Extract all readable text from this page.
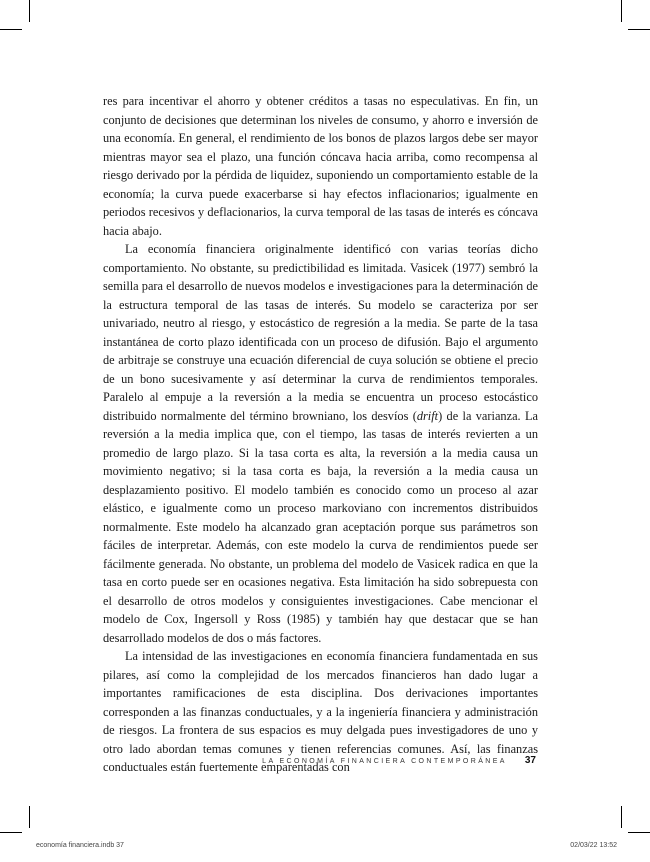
res para incentivar el ahorro y obtener créditos a tasas no especulativas. En fin, un conjunto de decisiones que determinan los niveles de consumo, y ahorro e inversión de una economía. En general, el rendimiento de los bonos de plazos largos debe ser mayor mientras mayor sea el plazo, una función cóncava hacia arriba, como recompensa al riesgo derivado por la pérdida de liquidez, suponiendo un comportamiento estable de la economía; la curva puede exacerbarse si hay efectos inflacionarios; igualmente en periodos recesivos y deflacionarios, la curva temporal de las tasas de interés es cóncava hacia abajo.

La economía financiera originalmente identificó con varias teorías dicho comportamiento. No obstante, su predictibilidad es limitada. Vasicek (1977) sembró la semilla para el desarrollo de nuevos modelos e investigaciones para la determinación de la estructura temporal de las tasas de interés. Su modelo se caracteriza por ser univariado, neutro al riesgo, y estocástico de regresión a la media. Se parte de la tasa instantánea de corto plazo identificada con un proceso de difusión. Bajo el argumento de arbitraje se construye una ecuación diferencial de cuya solución se obtiene el precio de un bono sucesivamente y así determinar la curva de rendimientos temporales. Paralelo al empuje a la reversión a la media se encuentra un proceso estocástico distribuido normalmente del término browniano, los desvíos (drift) de la varianza. La reversión a la media implica que, con el tiempo, las tasas de interés revierten a un promedio de largo plazo. Si la tasa corta es alta, la reversión a la media causa un movimiento negativo; si la tasa corta es baja, la reversión a la media causa un desplazamiento positivo. El modelo también es conocido como un proceso al azar elástico, e igualmente como un proceso markoviano con incrementos distribuidos normalmente. Este modelo ha alcanzado gran aceptación porque sus parámetros son fáciles de interpretar. Además, con este modelo la curva de rendimientos puede ser fácilmente generada. No obstante, un problema del modelo de Vasicek radica en que la tasa en corto puede ser en ocasiones negativa. Esta limitación ha sido sobrepuesta con el desarrollo de otros modelos y consiguientes investigaciones. Cabe mencionar el modelo de Cox, Ingersoll y Ross (1985) y también hay que destacar que se han desarrollado modelos de dos o más factores.

La intensidad de las investigaciones en economía financiera fundamentada en sus pilares, así como la complejidad de los mercados financieros han dado lugar a importantes ramificaciones de esta disciplina. Dos derivaciones importantes corresponden a las finanzas conductuales, y a la ingeniería financiera y administración de riesgos. La frontera de sus espacios es muy delgada pues investigadores de uno y otro lado abordan temas comunes y tienen referencias comunes. Así, las finanzas conductuales están fuertemente emparentadas con

LA ECONOMÍA FINANCIERA CONTEMPORÁNEA 37
economía financiera.indb 37	02/03/22 13:52
